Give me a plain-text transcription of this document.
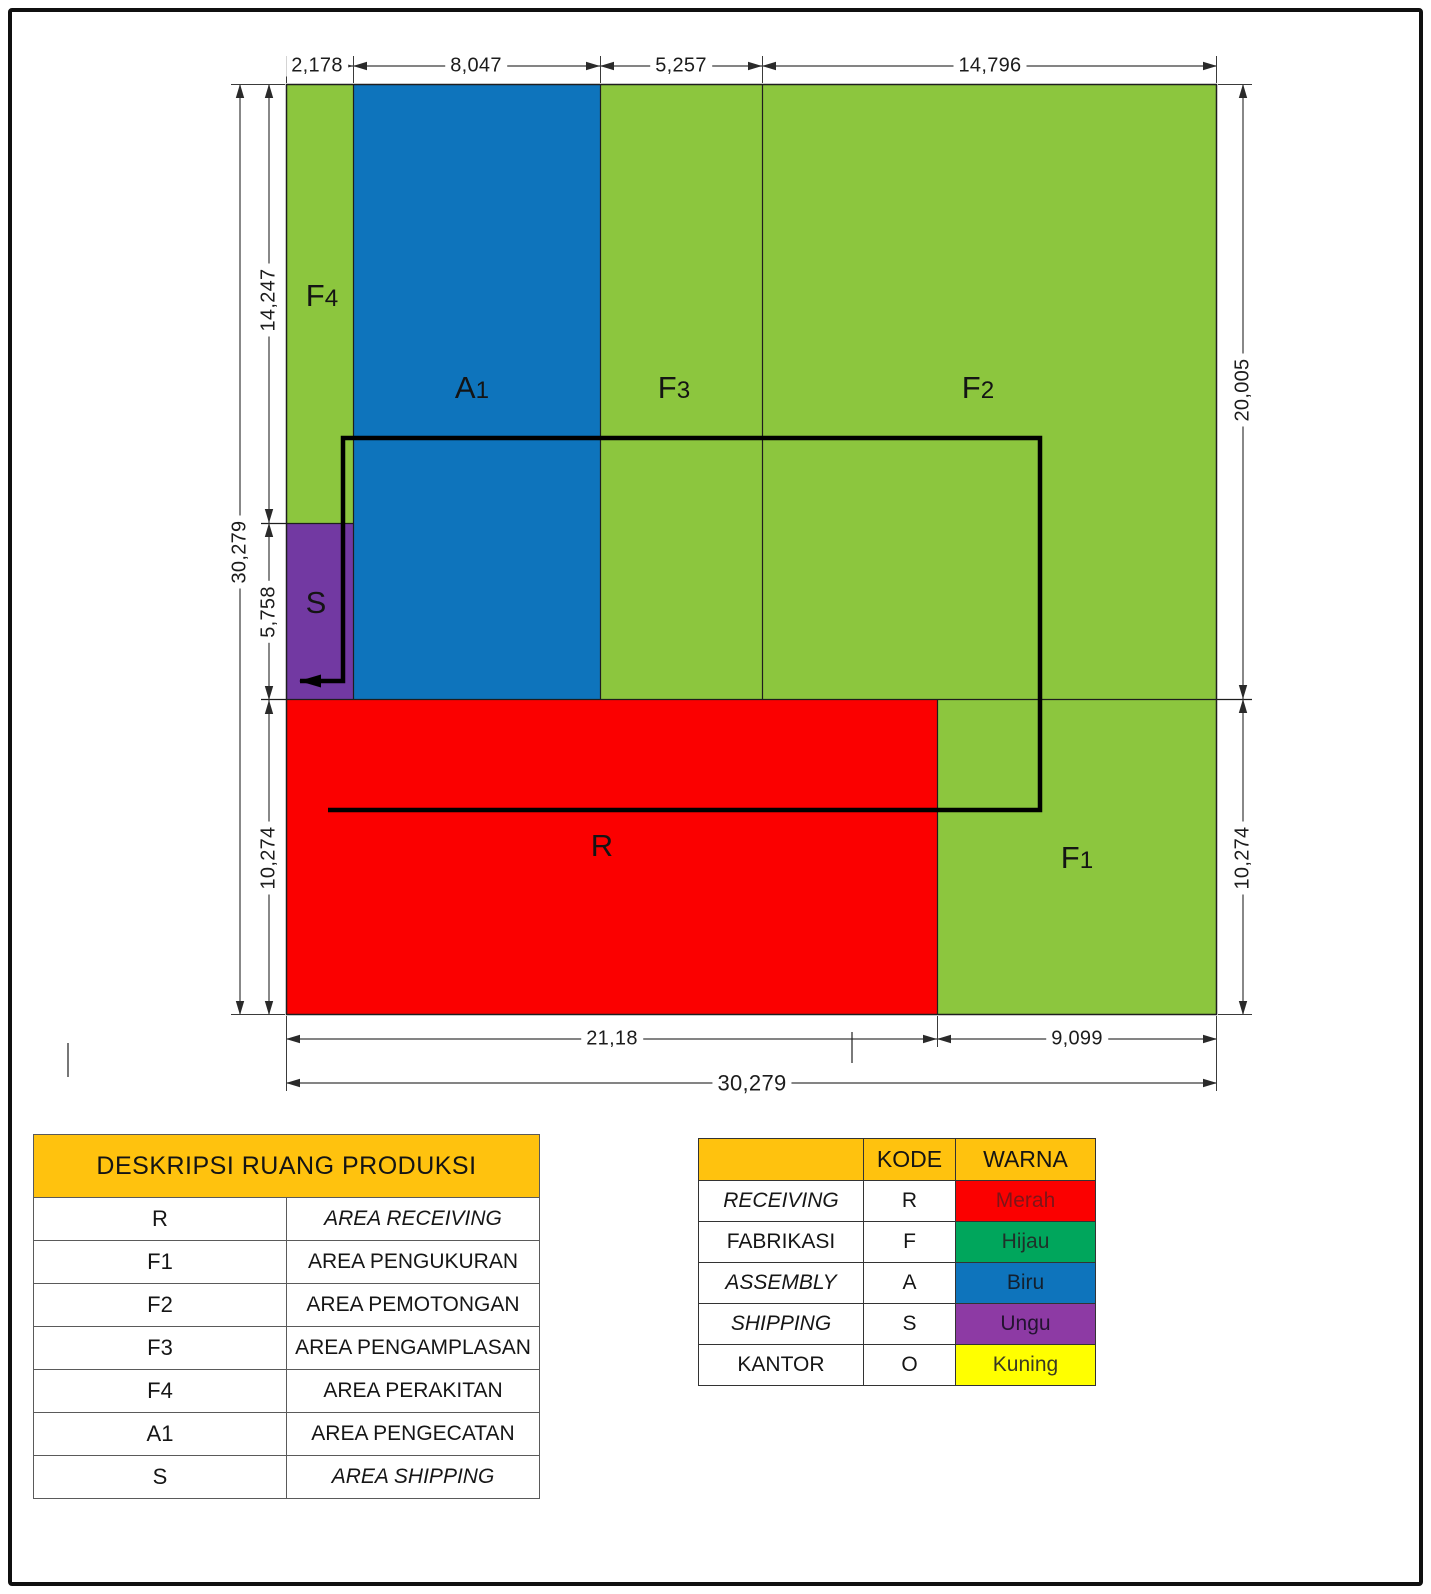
2,178	8,047	5,257	14,796
30,279
14,247
5,758
10,274
20,005
10,274
21,18	9,099
30,279
F4
A1	F3	F2
S
R	F1
DESKRIPSI RUANG PRODUKSI	
R	AREA RECEIVING
F1	AREA PENGUKURAN
F2	AREA PEMOTONGAN
F3	AREA PENGAMPLASAN
F4	AREA PERAKITAN
A1	AREA PENGECATAN
S	AREA SHIPPING
	KODE	WARNA
RECEIVING	R	Merah
FABRIKASI	F	Hijau
ASSEMBLY	A	Biru
SHIPPING	S	Ungu
KANTOR	O	Kuning
